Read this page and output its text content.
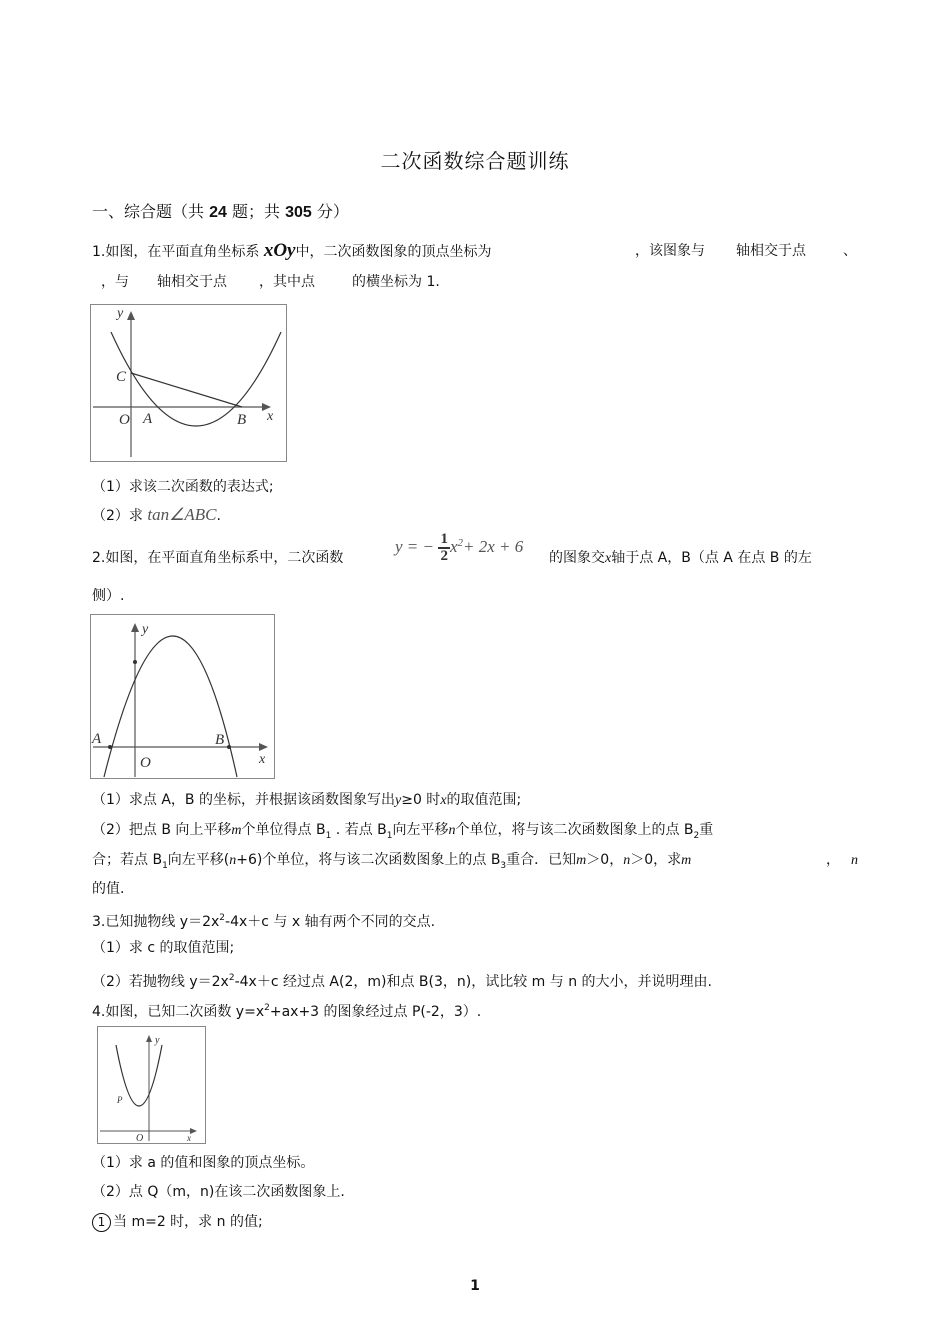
二次函数综合题训练
一、综合题（共 24 题；共 305 分）
1.如图，在平面直角坐标系 xOy中，二次函数图象的顶点坐标为	，该图象与 轴相交于点	、
，与 轴相交于点 ，其中点	的横坐标为 1.
y
x
C
O A	B
（1）求该二次函数的表达式;
（2）求 tan∠ABC.
2.如图，在平面直角坐标系中，二次函数
y = − $\frac{1}{2} x^2+ 2x + 6$
的图象交x轴于点 A，B（点 A 在点 B 的左
侧）.
y
x
O
A	B
（1）求点 A，B 的坐标，并根据该函数图象写出y≥0 时x的取值范围;
（2）把点 B 向上平移m个单位得点 $B_1$ . 若点 $B_1$向左平移n个单位，将与该二次函数图象上的点 $B_2$重
合；若点 $B_1$向左平移(n+6)个单位，将与该二次函数图象上的点 $B_3$重合．已知m＞0，n＞0，求m	， n
的值.
3.已知抛物线 $y=2x^2-4x+c$ 与 x 轴有两个不同的交点.
（1）求 c 的取值范围;
（2）若抛物线 $y=2x^2-4x+c$ 经过点 A(2，m)和点 B(3，n)，试比较 m 与 n 的大小，并说明理由.
4.如图，已知二次函数 $y=x^2+ax+3$ 的图象经过点 P(-2，3）.
y
x
O
P
（1）求 a 的值和图象的顶点坐标。
（2）点 Q（m，n)在该二次函数图象上.
1 当 m=2 时，求 n 的值;
1
